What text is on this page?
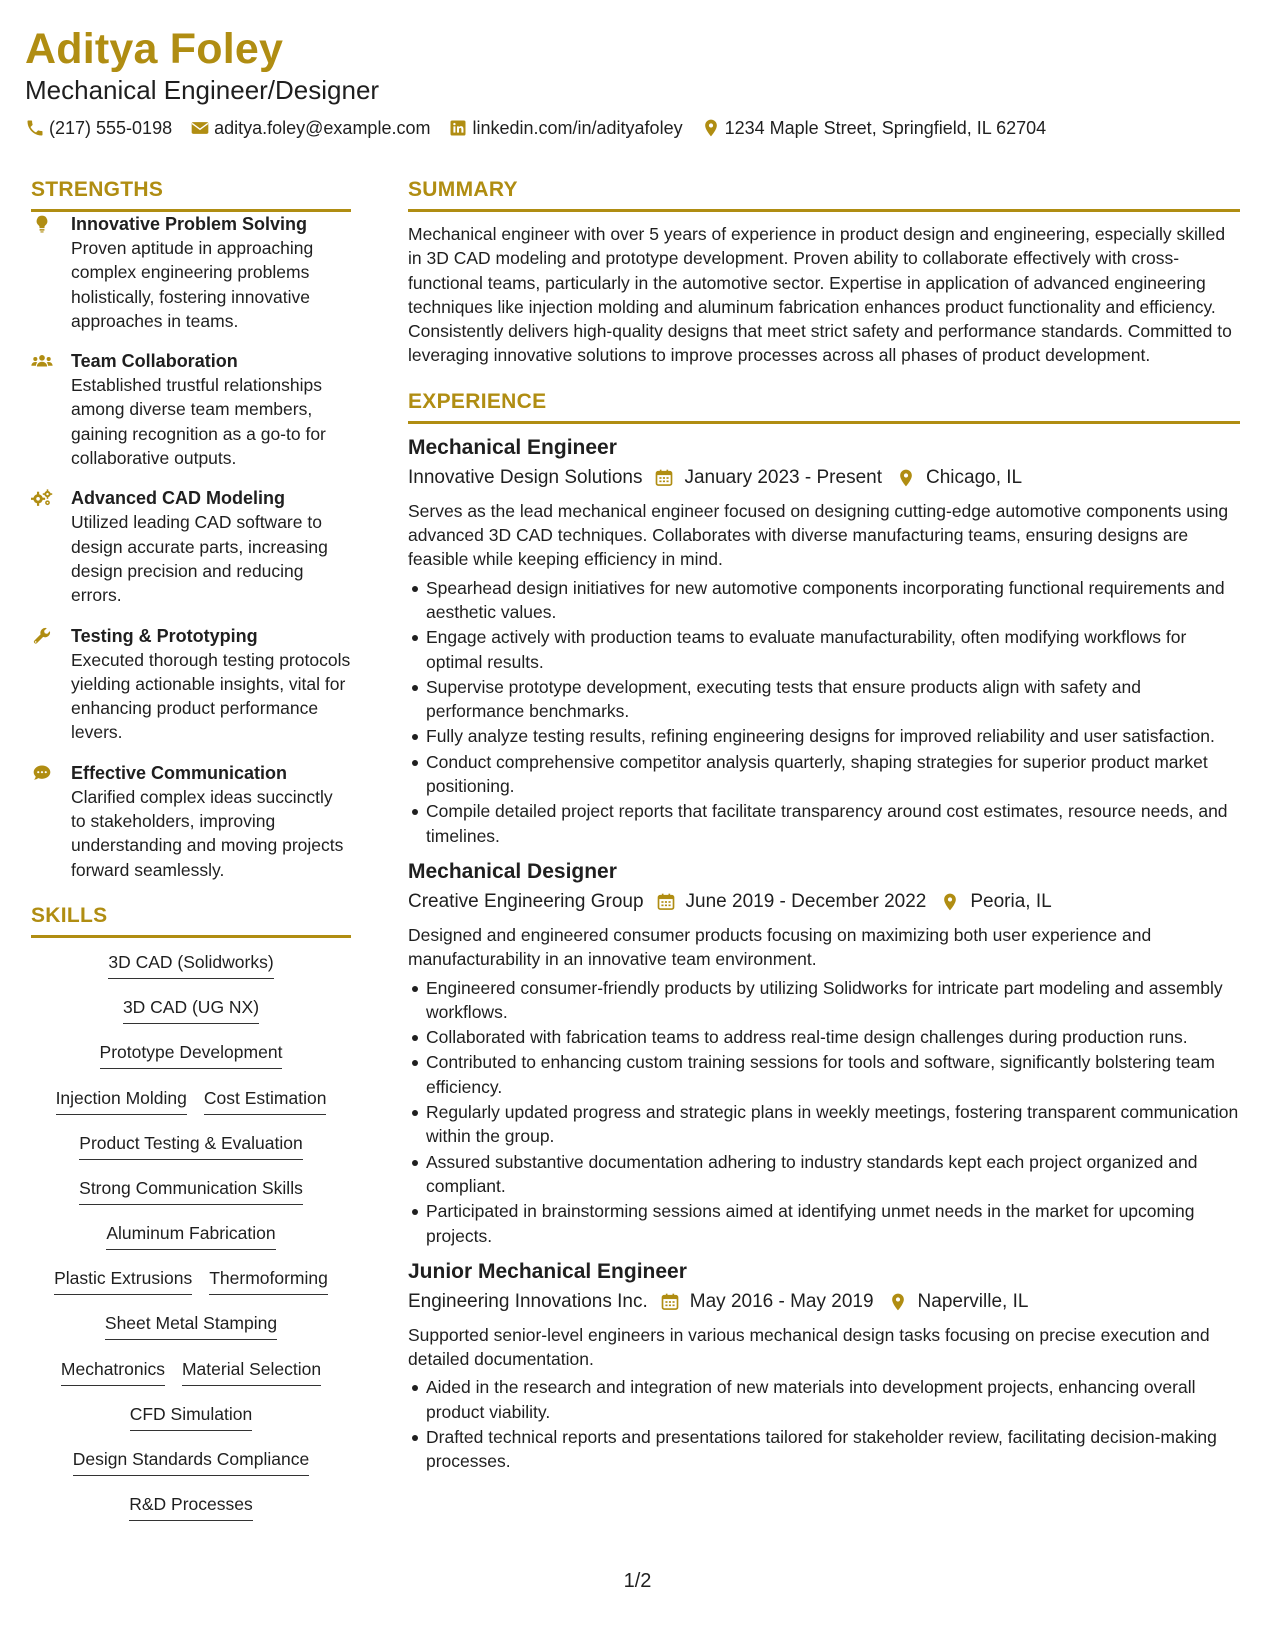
Aditya Foley
Mechanical Engineer/Designer
(217) 555-0198 aditya.foley@example.com linkedin.com/in/adityafoley 1234 Maple Street, Springfield, IL 62704
STRENGTHS
Innovative Problem Solving
Proven aptitude in approaching complex engineering problems holistically, fostering innovative approaches in teams.
Team Collaboration
Established trustful relationships among diverse team members, gaining recognition as a go-to for collaborative outputs.
Advanced CAD Modeling
Utilized leading CAD software to design accurate parts, increasing design precision and reducing errors.
Testing & Prototyping
Executed thorough testing protocols yielding actionable insights, vital for enhancing product performance levers.
Effective Communication
Clarified complex ideas succinctly to stakeholders, improving understanding and moving projects forward seamlessly.
SKILLS
3D CAD (Solidworks)
3D CAD (UG NX)
Prototype Development
Injection Molding Cost Estimation
Product Testing & Evaluation
Strong Communication Skills
Aluminum Fabrication
Plastic Extrusions Thermoforming
Sheet Metal Stamping
Mechatronics Material Selection
CFD Simulation
Design Standards Compliance
R&D Processes
SUMMARY
Mechanical engineer with over 5 years of experience in product design and engineering, especially skilled in 3D CAD modeling and prototype development. Proven ability to collaborate effectively with cross-functional teams, particularly in the automotive sector. Expertise in application of advanced engineering techniques like injection molding and aluminum fabrication enhances product functionality and efficiency. Consistently delivers high-quality designs that meet strict safety and performance standards. Committed to leveraging innovative solutions to improve processes across all phases of product development.
EXPERIENCE
Mechanical Engineer
Innovative Design Solutions January 2023 - Present Chicago, IL
Serves as the lead mechanical engineer focused on designing cutting-edge automotive components using advanced 3D CAD techniques. Collaborates with diverse manufacturing teams, ensuring designs are feasible while keeping efficiency in mind.
Spearhead design initiatives for new automotive components incorporating functional requirements and aesthetic values.
Engage actively with production teams to evaluate manufacturability, often modifying workflows for optimal results.
Supervise prototype development, executing tests that ensure products align with safety and performance benchmarks.
Fully analyze testing results, refining engineering designs for improved reliability and user satisfaction.
Conduct comprehensive competitor analysis quarterly, shaping strategies for superior product market positioning.
Compile detailed project reports that facilitate transparency around cost estimates, resource needs, and timelines.
Mechanical Designer
Creative Engineering Group June 2019 - December 2022 Peoria, IL
Designed and engineered consumer products focusing on maximizing both user experience and manufacturability in an innovative team environment.
Engineered consumer-friendly products by utilizing Solidworks for intricate part modeling and assembly workflows.
Collaborated with fabrication teams to address real-time design challenges during production runs.
Contributed to enhancing custom training sessions for tools and software, significantly bolstering team efficiency.
Regularly updated progress and strategic plans in weekly meetings, fostering transparent communication within the group.
Assured substantive documentation adhering to industry standards kept each project organized and compliant.
Participated in brainstorming sessions aimed at identifying unmet needs in the market for upcoming projects.
Junior Mechanical Engineer
Engineering Innovations Inc. May 2016 - May 2019 Naperville, IL
Supported senior-level engineers in various mechanical design tasks focusing on precise execution and detailed documentation.
Aided in the research and integration of new materials into development projects, enhancing overall product viability.
Drafted technical reports and presentations tailored for stakeholder review, facilitating decision-making processes.
1/2
